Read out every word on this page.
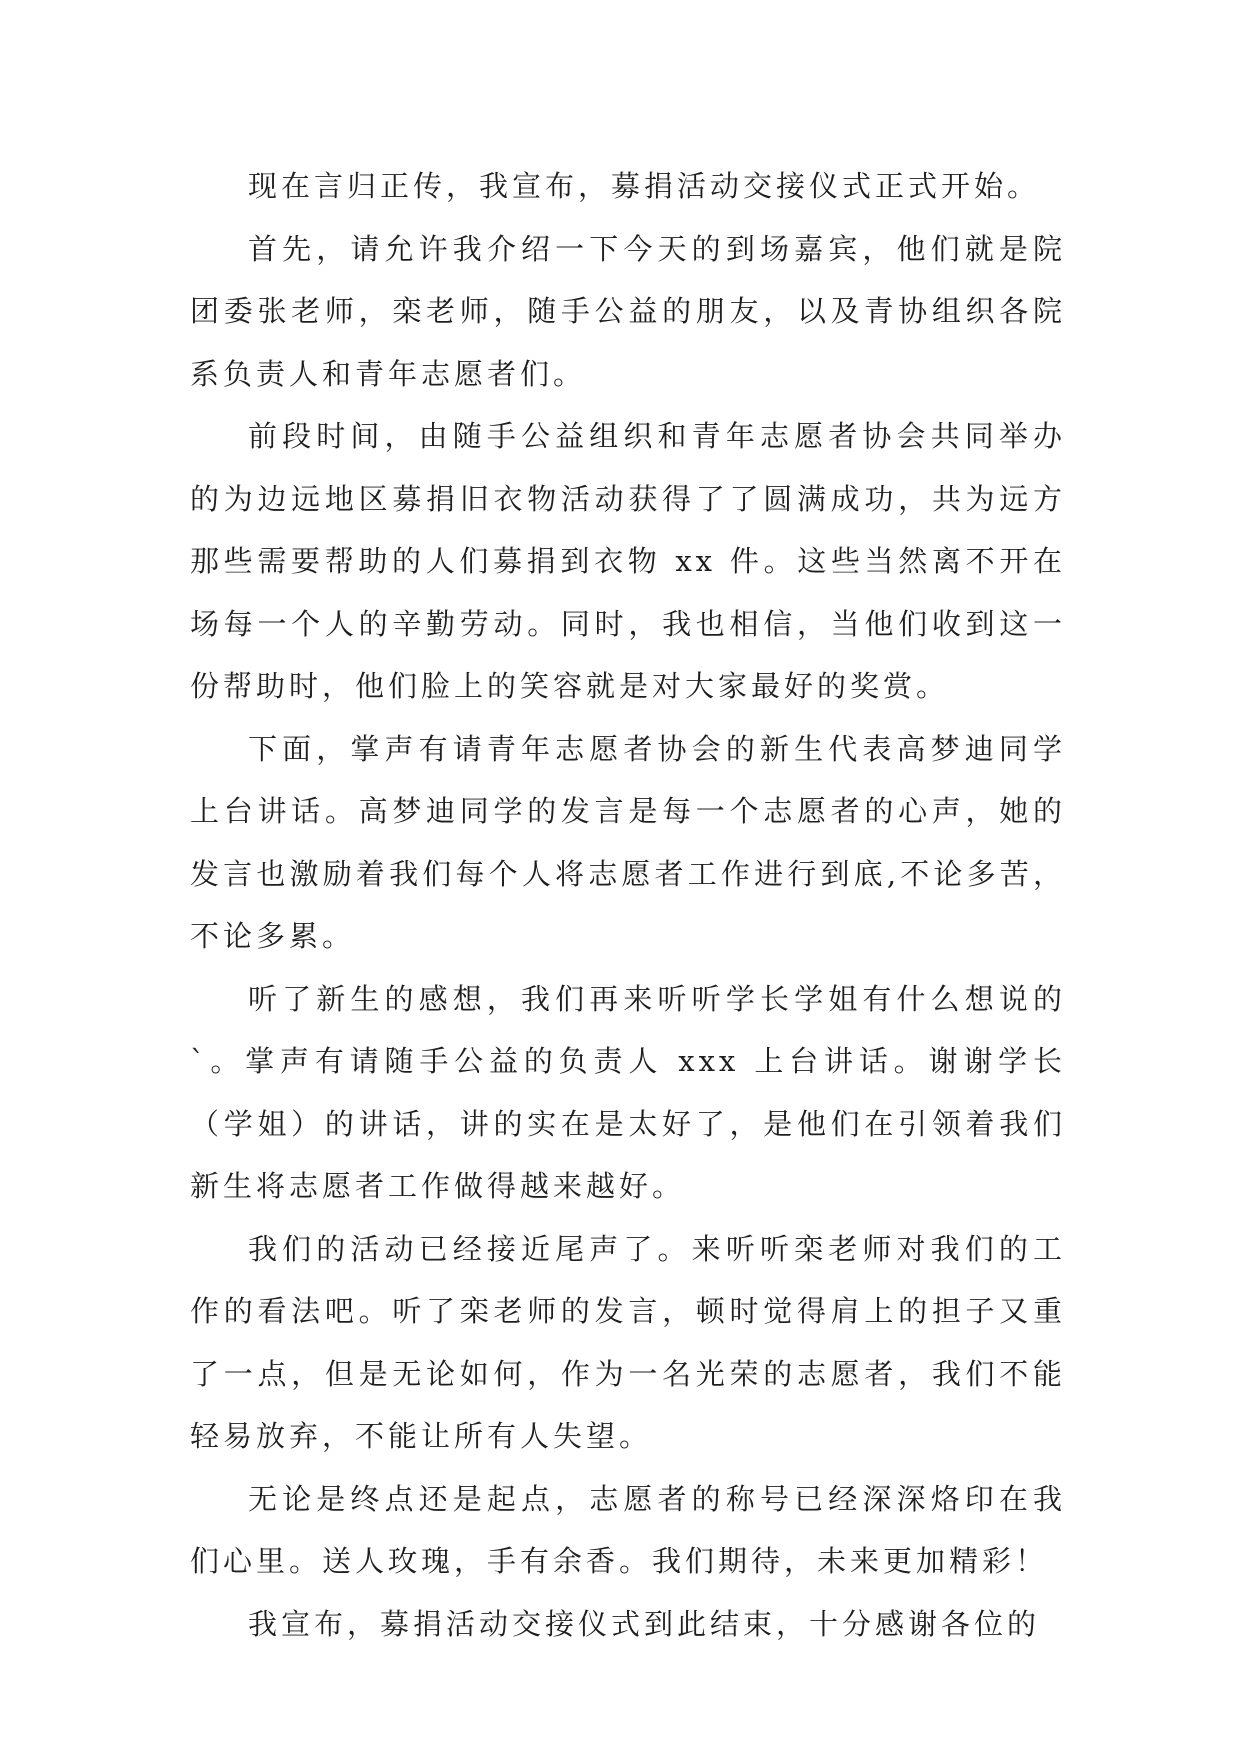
现在言归正传，我宣布，募捐活动交接仪式正式开始。

首先，请允许我介绍一下今天的到场嘉宾，他们就是院团委张老师，栾老师，随手公益的朋友，以及青协组织各院系负责人和青年志愿者们。

前段时间，由随手公益组织和青年志愿者协会共同举办的为边远地区募捐旧衣物活动获得了了圆满成功，共为远方那些需要帮助的人们募捐到衣物 xx 件。这些当然离不开在场每一个人的辛勤劳动。同时，我也相信，当他们收到这一份帮助时，他们脸上的笑容就是对大家最好的奖赏。

下面，掌声有请青年志愿者协会的新生代表高梦迪同学上台讲话。高梦迪同学的发言是每一个志愿者的心声，她的发言也激励着我们每个人将志愿者工作进行到底,不论多苦，不论多累。

听了新生的感想，我们再来听听学长学姐有什么想说的`。掌声有请随手公益的负责人 xxx 上台讲话。谢谢学长（学姐）的讲话，讲的实在是太好了，是他们在引领着我们新生将志愿者工作做得越来越好。

我们的活动已经接近尾声了。来听听栾老师对我们的工作的看法吧。听了栾老师的发言，顿时觉得肩上的担子又重了一点，但是无论如何，作为一名光荣的志愿者，我们不能轻易放弃，不能让所有人失望。

无论是终点还是起点，志愿者的称号已经深深烙印在我们心里。送人玫瑰，手有余香。我们期待，未来更加精彩！

我宣布，募捐活动交接仪式到此结束，十分感谢各位的
